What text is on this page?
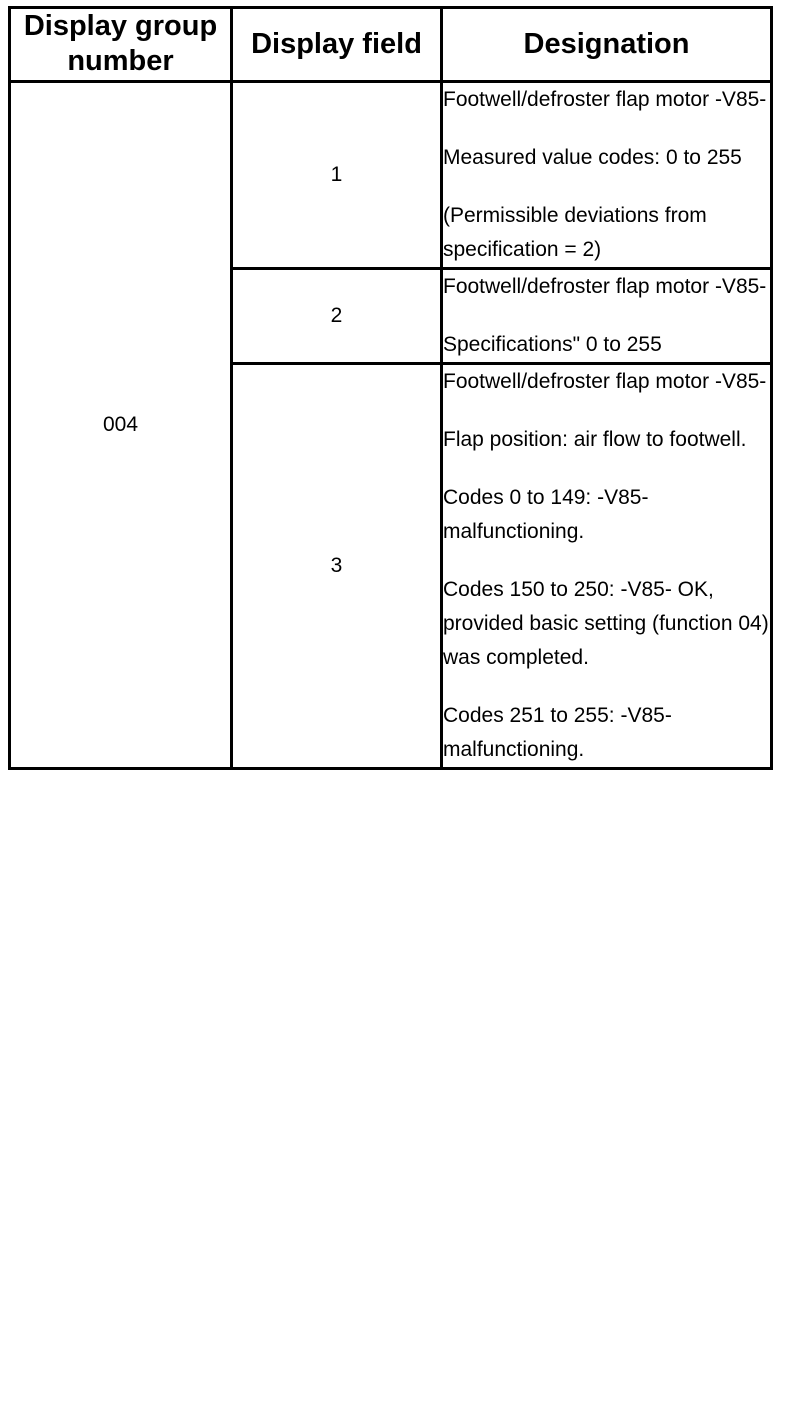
Display group number	Display field	Designation
004	1	Footwell/defroster flap motor -V85-

Measured value codes: 0 to 255

(Permissible deviations from specification = 2)

	2	Footwell/defroster flap motor -V85-

Specifications" 0 to 255

	3	Footwell/defroster flap motor -V85-

Flap position: air flow to footwell.

Codes 0 to 149: -V85- malfunctioning.

Codes 150 to 250: -V85- OK, provided basic setting (function 04) was completed.

Codes 251 to 255: -V85- malfunctioning.
